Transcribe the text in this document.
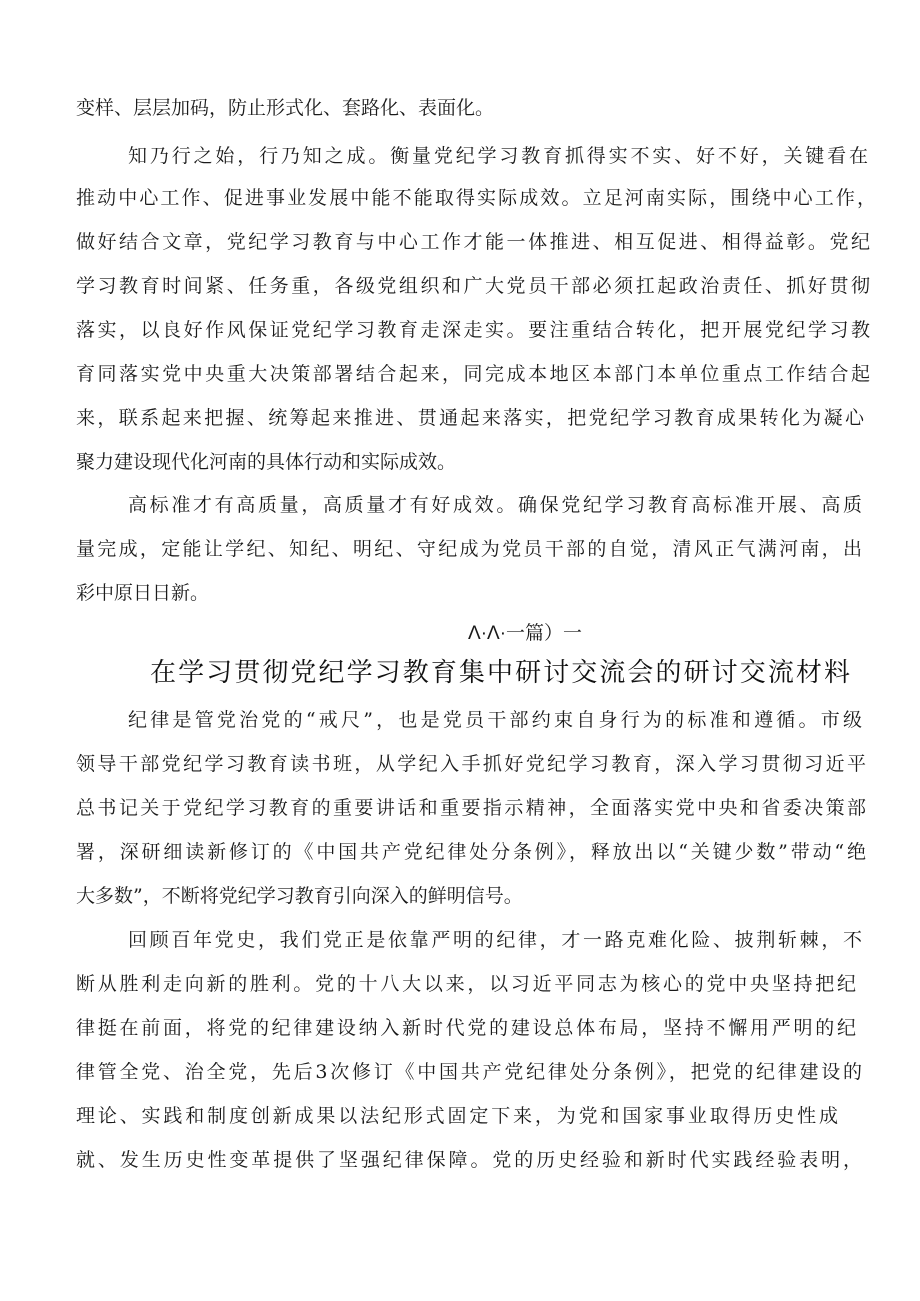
变样、层层加码，防止形式化、套路化、表面化。
知乃行之始，行乃知之成。衡量党纪学习教育抓得实不实、好不好，关键看在
推动中心工作、促进事业发展中能不能取得实际成效。立足河南实际，围绕中心工作，
做好结合文章，党纪学习教育与中心工作才能一体推进、相互促进、相得益彰。党纪
学习教育时间紧、任务重，各级党组织和广大党员干部必须扛起政治责任、抓好贯彻
落实，以良好作风保证党纪学习教育走深走实。要注重结合转化，把开展党纪学习教
育同落实党中央重大决策部署结合起来，同完成本地区本部门本单位重点工作结合起
来，联系起来把握、统筹起来推进、贯通起来落实，把党纪学习教育成果转化为凝心
聚力建设现代化河南的具体行动和实际成效。
高标准才有高质量，高质量才有好成效。确保党纪学习教育高标准开展、高质
量完成，定能让学纪、知纪、明纪、守纪成为党员干部的自觉，清风正气满河南，出
彩中原日日新。
Λ·Λ·一篇）一
在学习贯彻党纪学习教育集中研讨交流会的研讨交流材料
纪律是管党治党的“戒尺”，也是党员干部约束自身行为的标准和遵循。市级
领导干部党纪学习教育读书班，从学纪入手抓好党纪学习教育，深入学习贯彻习近平
总书记关于党纪学习教育的重要讲话和重要指示精神，全面落实党中央和省委决策部
署，深研细读新修订的《中国共产党纪律处分条例》，释放出以“关键少数”带动“绝
大多数”，不断将党纪学习教育引向深入的鲜明信号。
回顾百年党史，我们党正是依靠严明的纪律，才一路克难化险、披荆斩棘，不
断从胜利走向新的胜利。党的十八大以来，以习近平同志为核心的党中央坚持把纪
律挺在前面，将党的纪律建设纳入新时代党的建设总体布局，坚持不懈用严明的纪
律管全党、治全党，先后3次修订《中国共产党纪律处分条例》，把党的纪律建设的
理论、实践和制度创新成果以法纪形式固定下来，为党和国家事业取得历史性成
就、发生历史性变革提供了坚强纪律保障。党的历史经验和新时代实践经验表明，
